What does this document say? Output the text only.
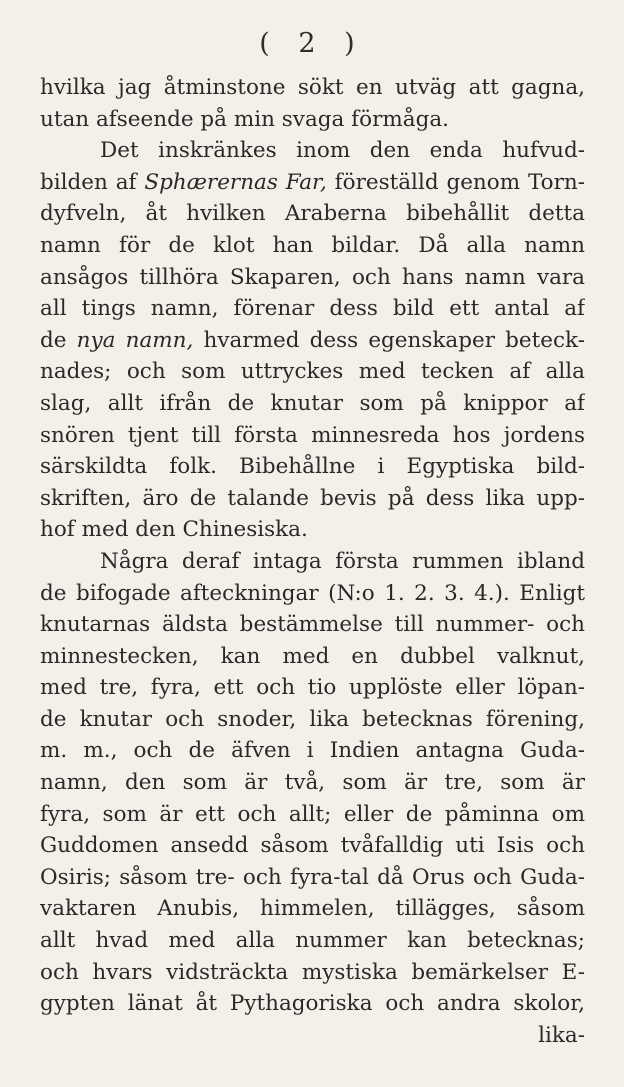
( 2 )
hvilka jag åtminstone sökt en utväg att gagna,
utan afseende på min svaga förmåga.
Det inskränkes inom den enda hufvud-
bilden af Sphærernas Far, föreställd genom Torn-
dyfveln, åt hvilken Araberna bibehållit detta
namn för de klot han bildar. Då alla namn
ansågos tillhöra Skaparen, och hans namn vara
all tings namn, förenar dess bild ett antal af
de nya namn, hvarmed dess egenskaper beteck-
nades; och som uttryckes med tecken af alla
slag, allt ifrån de knutar som på knippor af
snören tjent till första minnesreda hos jordens
särskildta folk. Bibehållne i Egyptiska bild-
skriften, äro de talande bevis på dess lika upp-
hof med den Chinesiska.
Några deraf intaga första rummen ibland
de bifogade afteckningar (N:o 1. 2. 3. 4.). Enligt
knutarnas äldsta bestämmelse till nummer- och
minnestecken, kan med en dubbel valknut,
med tre, fyra, ett och tio upplöste eller löpan-
de knutar och snoder, lika betecknas förening,
m. m., och de äfven i Indien antagna Guda-
namn, den som är två, som är tre, som är
fyra, som är ett och allt; eller de påminna om
Guddomen ansedd såsom tvåfalldig uti Isis och
Osiris; såsom tre- och fyra-tal då Orus och Guda-
vaktaren Anubis, himmelen, tillägges, såsom
allt hvad med alla nummer kan betecknas;
och hvars vidsträckta mystiska bemärkelser E-
gypten länat åt Pythagoriska och andra skolor,
lika-
